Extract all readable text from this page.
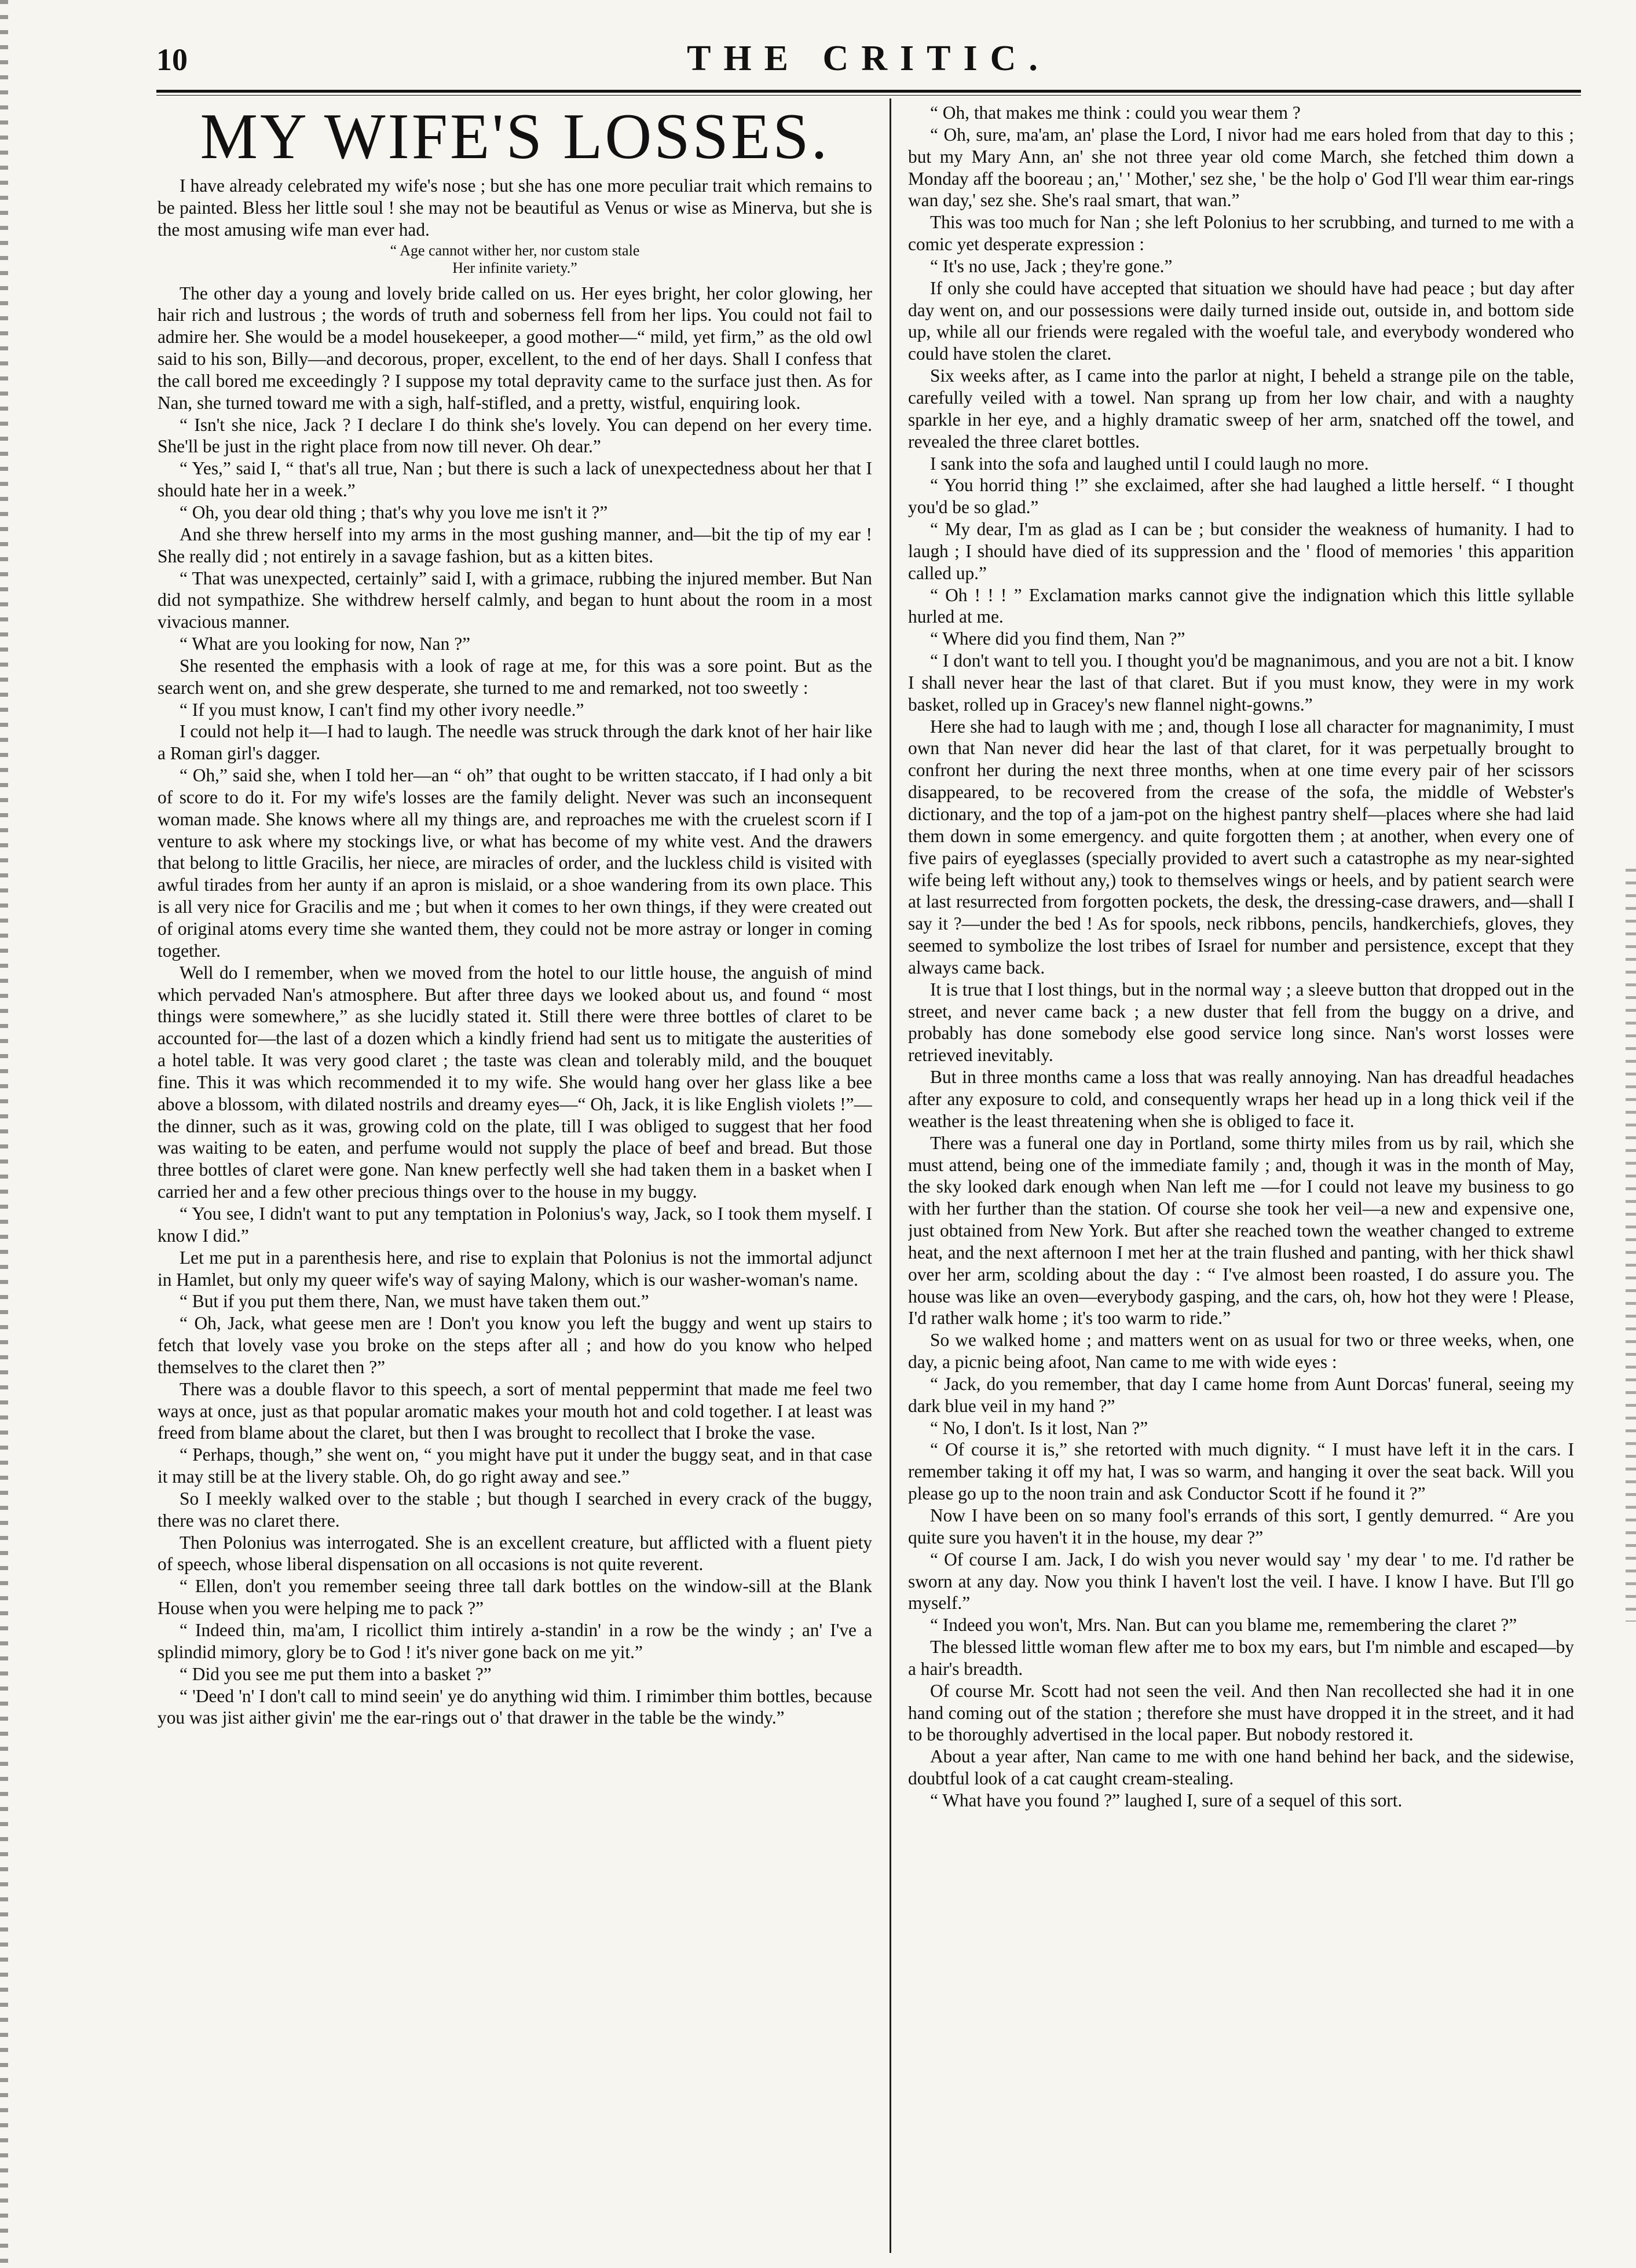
10	THE CRITIC.
MY WIFE'S LOSSES.

I have already celebrated my wife's nose ; but she has one more peculiar trait which remains to be painted. Bless her little soul ! she may not be beautiful as Venus or wise as Minerva, but she is the most amusing wife man ever had.

“ Age cannot wither her, nor custom stale
Her infinite variety.”

The other day a young and lovely bride called on us. Her eyes bright, her color glowing, her hair rich and lustrous ; the words of truth and soberness fell from her lips. You could not fail to admire her. She would be a model housekeeper, a good mother—“ mild, yet firm,” as the old owl said to his son, Billy—and decorous, proper, excellent, to the end of her days. Shall I confess that the call bored me exceedingly ? I suppose my total depravity came to the surface just then. As for Nan, she turned toward me with a sigh, half-stifled, and a pretty, wistful, enquiring look.

“ Isn't she nice, Jack ? I declare I do think she's lovely. You can depend on her every time. She'll be just in the right place from now till never. Oh dear.”

“ Yes,” said I, “ that's all true, Nan ; but there is such a lack of unexpectedness about her that I should hate her in a week.”

“ Oh, you dear old thing ; that's why you love me isn't it ?”

And she threw herself into my arms in the most gushing manner, and—bit the tip of my ear ! She really did ; not entirely in a savage fashion, but as a kitten bites.

“ That was unexpected, certainly” said I, with a grimace, rubbing the injured member. But Nan did not sympathize. She withdrew herself calmly, and began to hunt about the room in a most vivacious manner.

“ What are you looking for now, Nan ?”

She resented the emphasis with a look of rage at me, for this was a sore point. But as the search went on, and she grew desperate, she turned to me and remarked, not too sweetly :

“ If you must know, I can't find my other ivory needle.”

I could not help it—I had to laugh. The needle was struck through the dark knot of her hair like a Roman girl's dagger.

“ Oh,” said she, when I told her—an “ oh” that ought to be written staccato, if I had only a bit of score to do it. For my wife's losses are the family delight. Never was such an inconsequent woman made. She knows where all my things are, and reproaches me with the cruelest scorn if I venture to ask where my stockings live, or what has become of my white vest. And the drawers that belong to little Gracilis, her niece, are miracles of order, and the luckless child is visited with awful tirades from her aunty if an apron is mislaid, or a shoe wandering from its own place. This is all very nice for Gracilis and me ; but when it comes to her own things, if they were created out of original atoms every time she wanted them, they could not be more astray or longer in coming together.

Well do I remember, when we moved from the hotel to our little house, the anguish of mind which pervaded Nan's atmosphere. But after three days we looked about us, and found “ most things were somewhere,” as she lucidly stated it. Still there were three bottles of claret to be accounted for—the last of a dozen which a kindly friend had sent us to mitigate the austerities of a hotel table. It was very good claret ; the taste was clean and tolerably mild, and the bouquet fine. This it was which recommended it to my wife. She would hang over her glass like a bee above a blossom, with dilated nostrils and dreamy eyes—“ Oh, Jack, it is like English violets !”—the dinner, such as it was, growing cold on the plate, till I was obliged to suggest that her food was waiting to be eaten, and perfume would not supply the place of beef and bread. But those three bottles of claret were gone. Nan knew perfectly well she had taken them in a basket when I carried her and a few other precious things over to the house in my buggy.

“ You see, I didn't want to put any temptation in Polonius's way, Jack, so I took them myself. I know I did.”

Let me put in a parenthesis here, and rise to explain that Polonius is not the immortal adjunct in Hamlet, but only my queer wife's way of saying Malony, which is our washer-woman's name.

“ But if you put them there, Nan, we must have taken them out.”

“ Oh, Jack, what geese men are ! Don't you know you left the buggy and went up stairs to fetch that lovely vase you broke on the steps after all ; and how do you know who helped themselves to the claret then ?”

There was a double flavor to this speech, a sort of mental peppermint that made me feel two ways at once, just as that popular aromatic makes your mouth hot and cold together. I at least was freed from blame about the claret, but then I was brought to recollect that I broke the vase.

“ Perhaps, though,” she went on, “ you might have put it under the buggy seat, and in that case it may still be at the livery stable. Oh, do go right away and see.”

So I meekly walked over to the stable ; but though I searched in every crack of the buggy, there was no claret there.

Then Polonius was interrogated. She is an excellent creature, but afflicted with a fluent piety of speech, whose liberal dispensation on all occasions is not quite reverent.

“ Ellen, don't you remember seeing three tall dark bottles on the window-sill at the Blank House when you were helping me to pack ?”

“ Indeed thin, ma'am, I ricollict thim intirely a-standin' in a row be the windy ; an' I've a splindid mimory, glory be to God ! it's niver gone back on me yit.”

“ Did you see me put them into a basket ?”

“ 'Deed 'n' I don't call to mind seein' ye do anything wid thim. I rimimber thim bottles, because you was jist aither givin' me the ear-rings out o' that drawer in the table be the windy.”

“ Oh, that makes me think : could you wear them ?

“ Oh, sure, ma'am, an' plase the Lord, I nivor had me ears holed from that day to this ; but my Mary Ann, an' she not three year old come March, she fetched thim down a Monday aff the booreau ; an,' ' Mother,' sez she, ' be the holp o' God I'll wear thim ear-rings wan day,' sez she. She's raal smart, that wan.”

This was too much for Nan ; she left Polonius to her scrubbing, and turned to me with a comic yet desperate expression :

“ It's no use, Jack ; they're gone.”

If only she could have accepted that situation we should have had peace ; but day after day went on, and our possessions were daily turned inside out, outside in, and bottom side up, while all our friends were regaled with the woeful tale, and everybody wondered who could have stolen the claret.

Six weeks after, as I came into the parlor at night, I beheld a strange pile on the table, carefully veiled with a towel. Nan sprang up from her low chair, and with a naughty sparkle in her eye, and a highly dramatic sweep of her arm, snatched off the towel, and revealed the three claret bottles.

I sank into the sofa and laughed until I could laugh no more.

“ You horrid thing !” she exclaimed, after she had laughed a little herself. “ I thought you'd be so glad.”

“ My dear, I'm as glad as I can be ; but consider the weakness of humanity. I had to laugh ; I should have died of its suppression and the ' flood of memories ' this apparition called up.”

“ Oh ! ! ! ” Exclamation marks cannot give the indignation which this little syllable hurled at me.

“ Where did you find them, Nan ?”

“ I don't want to tell you. I thought you'd be magnanimous, and you are not a bit. I know I shall never hear the last of that claret. But if you must know, they were in my work basket, rolled up in Gracey's new flannel night-gowns.”

Here she had to laugh with me ; and, though I lose all character for magnanimity, I must own that Nan never did hear the last of that claret, for it was perpetually brought to confront her during the next three months, when at one time every pair of her scissors disappeared, to be recovered from the crease of the sofa, the middle of Webster's dictionary, and the top of a jam-pot on the highest pantry shelf—places where she had laid them down in some emergency. and quite forgotten them ; at another, when every one of five pairs of eyeglasses (specially provided to avert such a catastrophe as my near-sighted wife being left without any,) took to themselves wings or heels, and by patient search were at last resurrected from forgotten pockets, the desk, the dressing-case drawers, and—shall I say it ?—under the bed ! As for spools, neck ribbons, pencils, handkerchiefs, gloves, they seemed to symbolize the lost tribes of Israel for number and persistence, except that they always came back.

It is true that I lost things, but in the normal way ; a sleeve button that dropped out in the street, and never came back ; a new duster that fell from the buggy on a drive, and probably has done somebody else good service long since. Nan's worst losses were retrieved inevitably.

But in three months came a loss that was really annoying. Nan has dreadful headaches after any exposure to cold, and consequently wraps her head up in a long thick veil if the weather is the least threatening when she is obliged to face it.

There was a funeral one day in Portland, some thirty miles from us by rail, which she must attend, being one of the immediate family ; and, though it was in the month of May, the sky looked dark enough when Nan left me —for I could not leave my business to go with her further than the station. Of course she took her veil—a new and expensive one, just obtained from New York. But after she reached town the weather changed to extreme heat, and the next afternoon I met her at the train flushed and panting, with her thick shawl over her arm, scolding about the day : “ I've almost been roasted, I do assure you. The house was like an oven—everybody gasping, and the cars, oh, how hot they were ! Please, I'd rather walk home ; it's too warm to ride.”

So we walked home ; and matters went on as usual for two or three weeks, when, one day, a picnic being afoot, Nan came to me with wide eyes :

“ Jack, do you remember, that day I came home from Aunt Dorcas' funeral, seeing my dark blue veil in my hand ?”

“ No, I don't. Is it lost, Nan ?”

“ Of course it is,” she retorted with much dignity. “ I must have left it in the cars. I remember taking it off my hat, I was so warm, and hanging it over the seat back. Will you please go up to the noon train and ask Conductor Scott if he found it ?”

Now I have been on so many fool's errands of this sort, I gently demurred. “ Are you quite sure you haven't it in the house, my dear ?”

“ Of course I am. Jack, I do wish you never would say ' my dear ' to me. I'd rather be sworn at any day. Now you think I haven't lost the veil. I have. I know I have. But I'll go myself.”

“ Indeed you won't, Mrs. Nan. But can you blame me, remembering the claret ?”

The blessed little woman flew after me to box my ears, but I'm nimble and escaped—by a hair's breadth.

Of course Mr. Scott had not seen the veil. And then Nan recollected she had it in one hand coming out of the station ; therefore she must have dropped it in the street, and it had to be thoroughly advertised in the local paper. But nobody restored it.

About a year after, Nan came to me with one hand behind her back, and the sidewise, doubtful look of a cat caught cream-stealing.

“ What have you found ?” laughed I, sure of a sequel of this sort.
